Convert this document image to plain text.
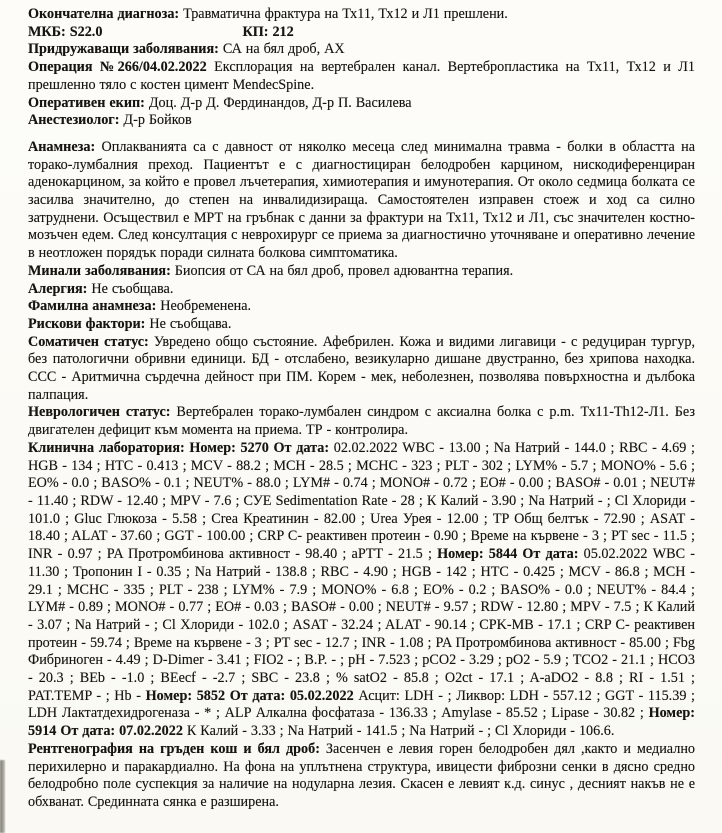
Окончателна диагноза: Травматична фрактура на Тх11, Тх12 и Л1 прешлени.

МКБ: S22.0	КП: 212

Придружаващи заболявания: СА на бял дроб, АХ

Операция №266/04.02.2022 Експлорация на вертебрален канал. Вертебропластика на Тх11, Тх12 и Л1 прешленно тяло с костен цимент MendecSpine.

Оперативен екип: Доц. Д-р Д. Фердинандов, Д-р П. Василева

Анестезиолог: Д-р Бойков

Анамнеза: Оплакванията са с давност от няколко месеца след минимална травма - болки в областта на торако-лумбалния преход. Пациентът е с диагностициран белодробен карцином, нискодиференциран аденокарцином, за който е провел лъчетерапия, химиотерапия и имунотерапия. От около седмица болката се засилва значително, до степен на инвалидизираща. Самостоятелен изправен стоеж и ход са силно затруднени. Осъществил е МРТ на гръбнак с данни за фрактури на Тх11, Тх12 и Л1, със значителен костно-мозъчен едем. След консултация с неврохирург се приема за диагностично уточняване и оперативно лечение в неотложен порядък поради силната болкова симптоматика.

Минали заболявания: Биопсия от СА на бял дроб, провел адювантна терапия.

Алергия: Не съобщава.

Фамилна анамнеза: Необременена.

Рискови фактори: Не съобщава.

Соматичен статус: Увредено общо състояние. Афебрилен. Кожа и видими лигавици - с редуциран тургур, без патологични обривни единици. БД - отслабено, везикуларно дишане двустранно, без хрипова находка. ССС - Аритмична сърдечна дейност при ПМ. Корем - мек, неболезнен, позволява повърхностна и дълбока палпация.

Неврологичен статус: Вертебрален торако-лумбален синдром с аксиална болка с p.m. Тх11-Th12-Л1. Без двигателен дефицит към момента на приема. ТР - контролира.

Клинична лаборатория: Номер: 5270 От дата: 02.02.2022 WBC - 13.00 ; Na Натрий - 144.0 ; RBC - 4.69 ; HGB - 134 ; HTC - 0.413 ; MCV - 88.2 ; MCH - 28.5 ; MCHC - 323 ; PLT - 302 ; LYM% - 5.7 ; MONO% - 5.6 ; EO% - 0.0 ; BASO% - 0.1 ; NEUT% - 88.0 ; LYM# - 0.74 ; MONO# - 0.72 ; EO# - 0.00 ; BASO# - 0.01 ; NEUT# - 11.40 ; RDW - 12.40 ; MPV - 7.6 ; СУЕ Sedimentation Rate - 28 ; К Калий - 3.90 ; Na Натрий - ; Cl Хлориди - 101.0 ; Gluc Глюкоза - 5.58 ; Crea Креатинин - 82.00 ; Urea Урея - 12.00 ; TP Общ белтък - 72.90 ; ASAT - 18.40 ; ALAT - 37.60 ; GGT - 100.00 ; CRP C- реактивен протеин - 0.90 ; Време на кървене - 3 ; PT sec - 11.5 ; INR - 0.97 ; PA Протромбинова активност - 98.40 ; aPTT - 21.5 ; Номер: 5844 От дата: 05.02.2022 WBC - 11.30 ; Тропонин I - 0.35 ; Na Натрий - 138.8 ; RBC - 4.90 ; HGB - 142 ; HTC - 0.425 ; MCV - 86.8 ; MCH - 29.1 ; MCHC - 335 ; PLT - 238 ; LYM% - 7.9 ; MONO% - 6.8 ; EO% - 0.2 ; BASO% - 0.0 ; NEUT% - 84.4 ; LYM# - 0.89 ; MONO# - 0.77 ; EO# - 0.03 ; BASO# - 0.00 ; NEUT# - 9.57 ; RDW - 12.80 ; MPV - 7.5 ; К Калий - 3.07 ; Na Натрий - ; Cl Хлориди - 102.0 ; ASAT - 32.24 ; ALAT - 90.14 ; CPK-MB - 17.1 ; CRP C- реактивен протеин - 59.74 ; Време на кървене - 3 ; PT sec - 12.7 ; INR - 1.08 ; PA Протромбинова активност - 85.00 ; Fbg Фибриноген - 4.49 ; D-Dimer - 3.41 ; FIO2 - ; B.P. - ; pH - 7.523 ; pCO2 - 3.29 ; pO2 - 5.9 ; TCO2 - 21.1 ; HCO3 - 20.3 ; BEb - -1.0 ; BEecf - -2.7 ; SBC - 23.8 ; % satO2 - 85.8 ; O2ct - 17.1 ; A-aDO2 - 8.8 ; RI - 1.51 ; PAT.TEMP - ; Hb - Номер: 5852 От дата: 05.02.2022 Асцит: LDH - ; Ликвор: LDH - 557.12 ; GGT - 115.39 ; LDH Лактатдехидрогеназа - * ; ALP Алкална фосфатаза - 136.33 ; Amylase - 85.52 ; Lipase - 30.82 ; Номер: 5914 От дата: 07.02.2022 К Калий - 3.33 ; Na Натрий - 141.5 ; Na Натрий - ; Cl Хлориди - 106.6.

Рентгенография на гръден кош и бял дроб: Засенчен е левия горен белодробен дял ,както и медиално перихилерно и паракардиално. На фона на уплътнена структура, ивицести фиброзни сенки в дясно средно белодробно поле суспекция за наличие на нодуларна лезия. Скасен е левият к.д. синус , десният накъв не е обхванат. Срединната сянка е разширена.
